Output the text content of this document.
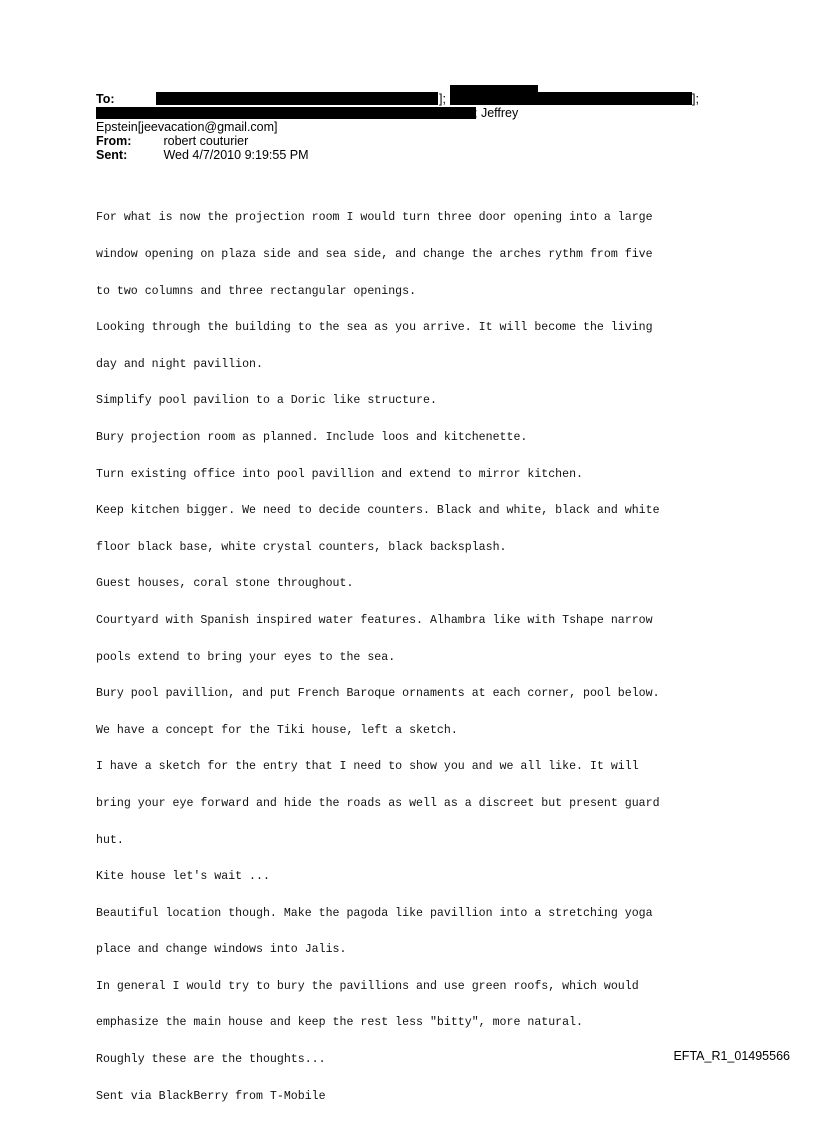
To:	];	];
; Jeffrey
Epstein[jeevacation@gmail.com]
From:	robert couturier
Sent:	Wed 4/7/2010 9:19:55 PM

For what is now the projection room I would turn three door opening into a large

window opening on plaza side and sea side, and change the arches rythm from five

to two columns and three rectangular openings.

Looking through the building to the sea as you arrive. It will become the living

day and night pavillion.

Simplify pool pavilion to a Doric like structure.

Bury projection room as planned. Include loos and kitchenette.

Turn existing office into pool pavillion and extend to mirror kitchen.

Keep kitchen bigger. We need to decide counters. Black and white, black and white

floor black base, white crystal counters, black backsplash.

Guest houses, coral stone throughout.

Courtyard with Spanish inspired water features. Alhambra like with Tshape narrow

pools extend to bring your eyes to the sea.

Bury pool pavillion, and put French Baroque ornaments at each corner, pool below.

We have a concept for the Tiki house, left a sketch.

I have a sketch for the entry that I need to show you and we all like. It will

bring your eye forward and hide the roads as well as a discreet but present guard

hut.

Kite house let's wait ...

Beautiful location though. Make the pagoda like pavillion into a stretching yoga

place and change windows into Jalis.

In general I would try to bury the pavillions and use green roofs, which would

emphasize the main house and keep the rest less "bitty", more natural.

Roughly these are the thoughts...

Sent via BlackBerry from T-Mobile

EFTA_R1_01495566
